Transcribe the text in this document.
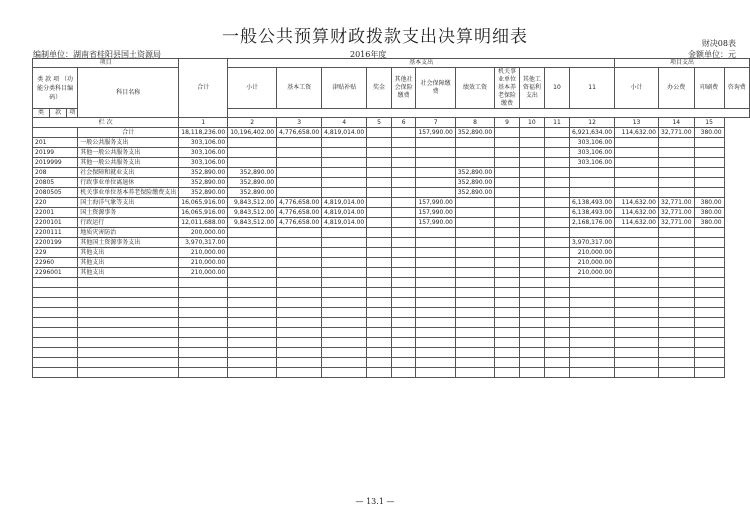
一般公共预算财政拨款支出决算明细表	财决08表
金额单位：元
编制单位：湖南省桂阳县国土资源局	2016年度
项目				合计	基本支出											项目支出			
类 款 项 （功能分类科目编码）			科目名称		小计	基本工资	津贴补贴	奖金	其他社会保险缴费	社会保障缴费	绩效工资	机关事业单位基本养老保险缴费	其他工资福利支出	10	11	小计	办公费	印刷费	咨询费
类	款	项																	
栏 次				1	2	3	4	5	6	7	8	9	10	11	12	13	14	15	
			合计	18,118,236.00	10,196,402.00	4,776,658.00	4,819,014.00			157,990.00	352,890.00				6,921,634.00	114,632.00	32,771.00	380.00	
201			一般公共服务支出	303,106.00											303,106.00				
20199			其他一般公共服务支出	303,106.00											303,106.00				
2019999			其他一般公共服务支出	303,106.00											303,106.00				
208			社会保障和就业支出	352,890.00	352,890.00						352,890.00								
20805			行政事业单位离退休	352,890.00	352,890.00						352,890.00								
2080505			机关事业单位基本养老保险缴费支出	352,890.00	352,890.00						352,890.00								
220			国土海洋气象等支出	16,065,916.00	9,843,512.00	4,776,658.00	4,819,014.00			157,990.00					6,138,493.00	114,632.00	32,771.00	380.00	
22001			国土资源事务	16,065,916.00	9,843,512.00	4,776,658.00	4,819,014.00			157,990.00					6,138,493.00	114,632.00	32,771.00	380.00	
2200101			行政运行	12,011,688.00	9,843,512.00	4,776,658.00	4,819,014.00			157,990.00					2,168,176.00	114,632.00	32,771.00	380.00	
2200111			地质灾害防治	200,000.00															
2200199			其他国土资源事务支出	3,970,317.00											3,970,317.00				
229			其他支出	210,000.00											210,000.00				
22960			其他支出	210,000.00											210,000.00				
2296001			其他支出	210,000.00											210,000.00				

— 13.1 —
